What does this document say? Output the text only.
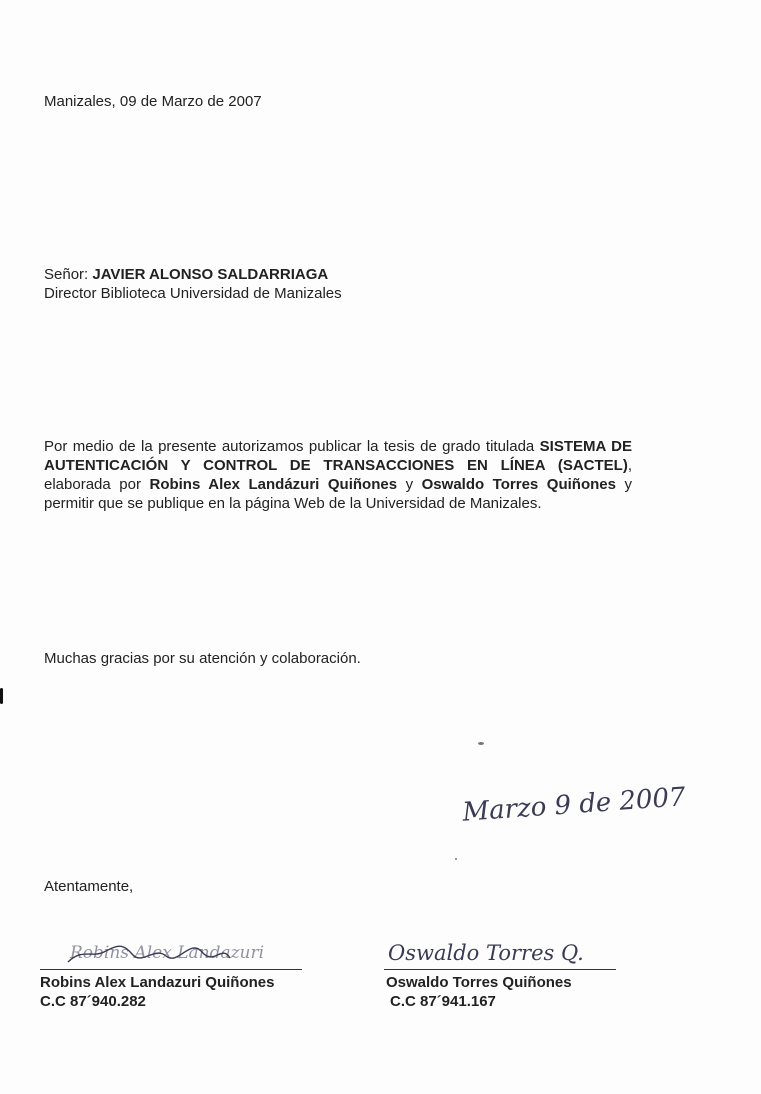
Manizales, 09 de Marzo de 2007
Señor: JAVIER ALONSO SALDARRIAGA
Director Biblioteca Universidad de Manizales

Por medio de la presente autorizamos publicar la tesis de grado titulada SISTEMA DE AUTENTICACIÓN Y CONTROL DE TRANSACCIONES EN LÍNEA (SACTEL), elaborada por Robins Alex Landázuri Quiñones y Oswaldo Torres Quiñones y permitir que se publique en la página Web de la Universidad de Manizales.

Muchas gracias por su atención y colaboración.
Marzo 9 de 2007
Atentamente,
Robins Alex Landazuri
Robins Alex Landazuri Quiñones
C.C 87´940.282
Oswaldo Torres Q.
Oswaldo Torres Quiñones
C.C 87´941.167
